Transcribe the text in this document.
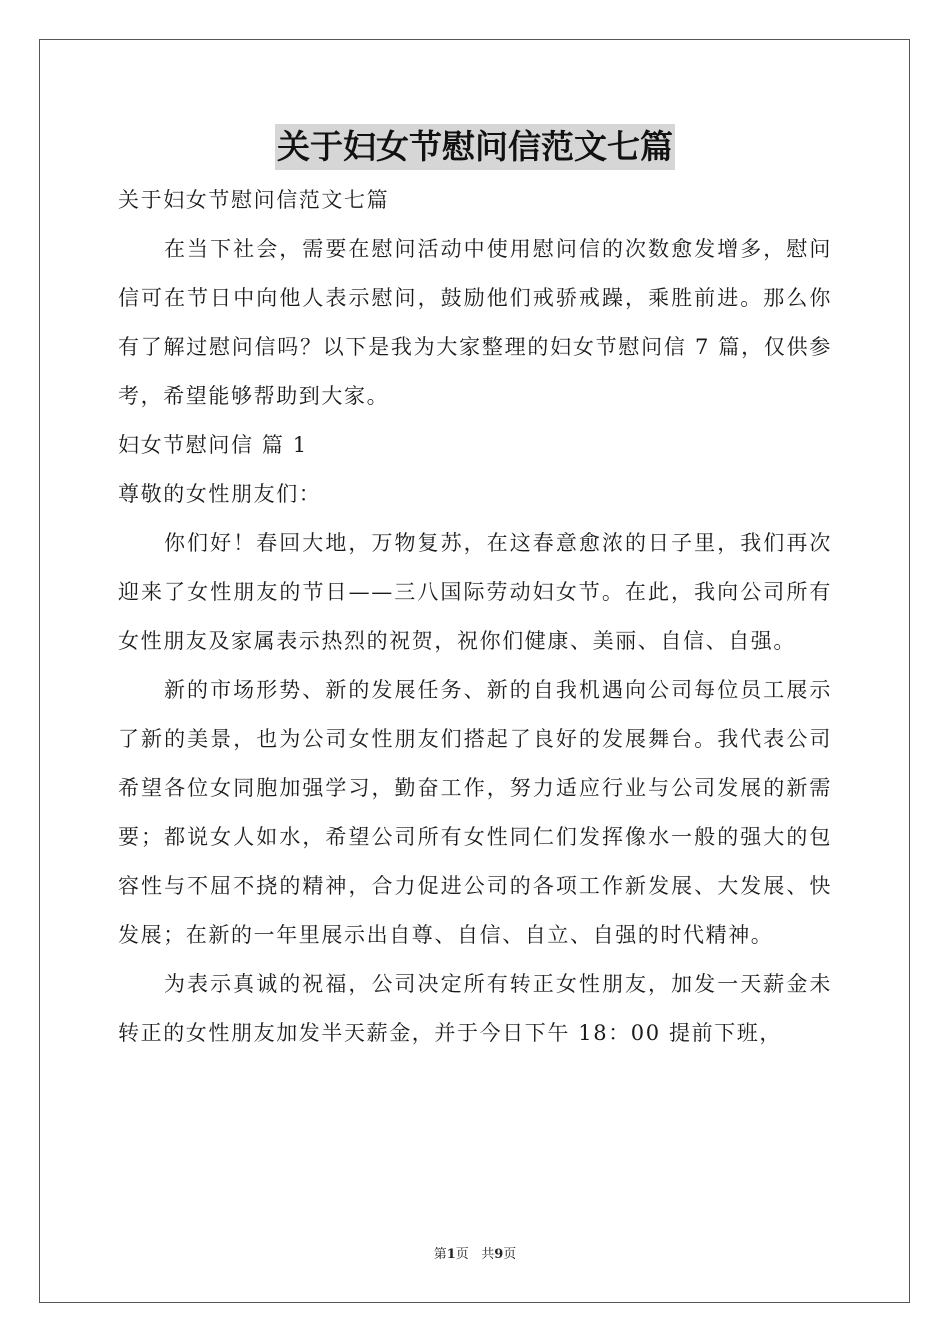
关于妇女节慰问信范文七篇

关于妇女节慰问信范文七篇

在当下社会，需要在慰问活动中使用慰问信的次数愈发增多，慰问信可在节日中向他人表示慰问，鼓励他们戒骄戒躁，乘胜前进。那么你有了解过慰问信吗？以下是我为大家整理的妇女节慰问信 7 篇，仅供参考，希望能够帮助到大家。

妇女节慰问信 篇 1

尊敬的女性朋友们：

你们好！春回大地，万物复苏，在这春意愈浓的日子里，我们再次迎来了女性朋友的节日——三八国际劳动妇女节。在此，我向公司所有女性朋友及家属表示热烈的祝贺，祝你们健康、美丽、自信、自强。

新的市场形势、新的发展任务、新的自我机遇向公司每位员工展示了新的美景，也为公司女性朋友们搭起了良好的发展舞台。我代表公司希望各位女同胞加强学习，勤奋工作，努力适应行业与公司发展的新需要；都说女人如水，希望公司所有女性同仁们发挥像水一般的强大的包容性与不屈不挠的精神，合力促进公司的各项工作新发展、大发展、快发展；在新的一年里展示出自尊、自信、自立、自强的时代精神。

为表示真诚的祝福，公司决定所有转正女性朋友，加发一天薪金未转正的女性朋友加发半天薪金，并于今日下午 18：00 提前下班，

第1页   共9页
